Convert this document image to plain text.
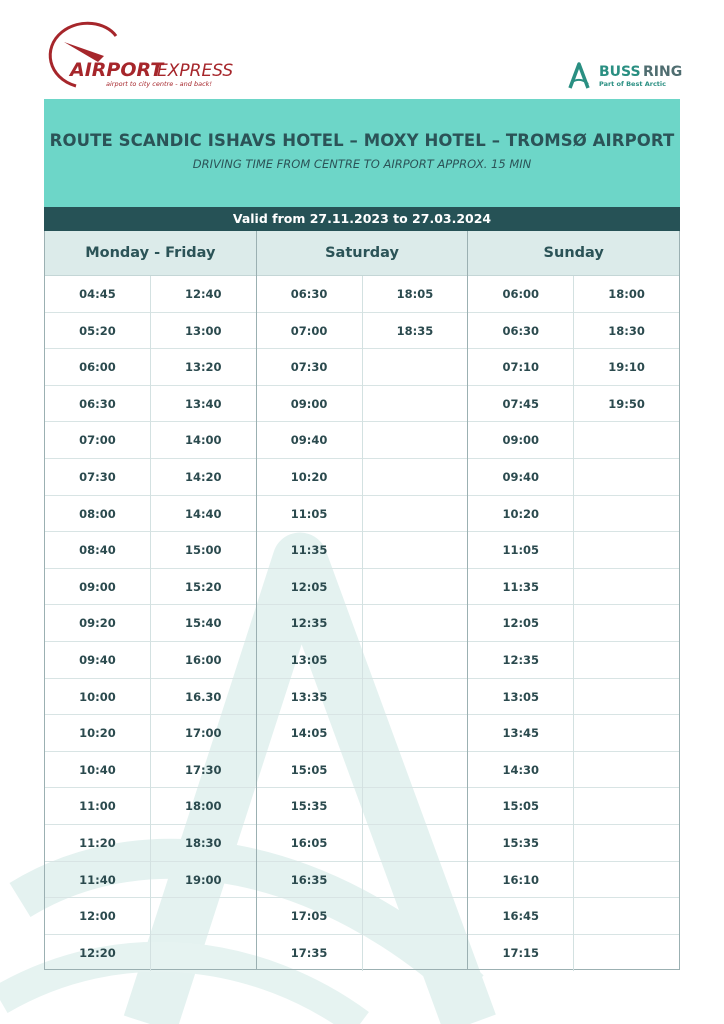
AIRPORT
EXPRESS
airport to city centre - and back!
BUSS RING
Part of Best Arctic
ROUTE SCANDIC ISHAVS HOTEL – MOXY HOTEL – TROMSØ AIRPORT
DRIVING TIME FROM CENTRE TO AIRPORT APPROX. 15 MIN
Valid from 27.11.2023 to 27.03.2024
Monday - Friday
04:45
05:20
06:00
06:30
07:00
07:30
08:00
08:40
09:00
09:20
09:40
10:00
10:20
10:40
11:00
11:20
11:40
12:00
12:20
12:40
13:00
13:20
13:40
14:00
14:20
14:40
15:00
15:20
15:40
16:00
16.30
17:00
17:30
18:00
18:30
19:00
Saturday
06:30
07:00
07:30
09:00
09:40
10:20
11:05
11:35
12:05
12:35
13:05
13:35
14:05
15:05
15:35
16:05
16:35
17:05
17:35
18:05
18:35
Sunday
06:00
06:30
07:10
07:45
09:00
09:40
10:20
11:05
11:35
12:05
12:35
13:05
13:45
14:30
15:05
15:35
16:10
16:45
17:15
18:00
18:30
19:10
19:50
